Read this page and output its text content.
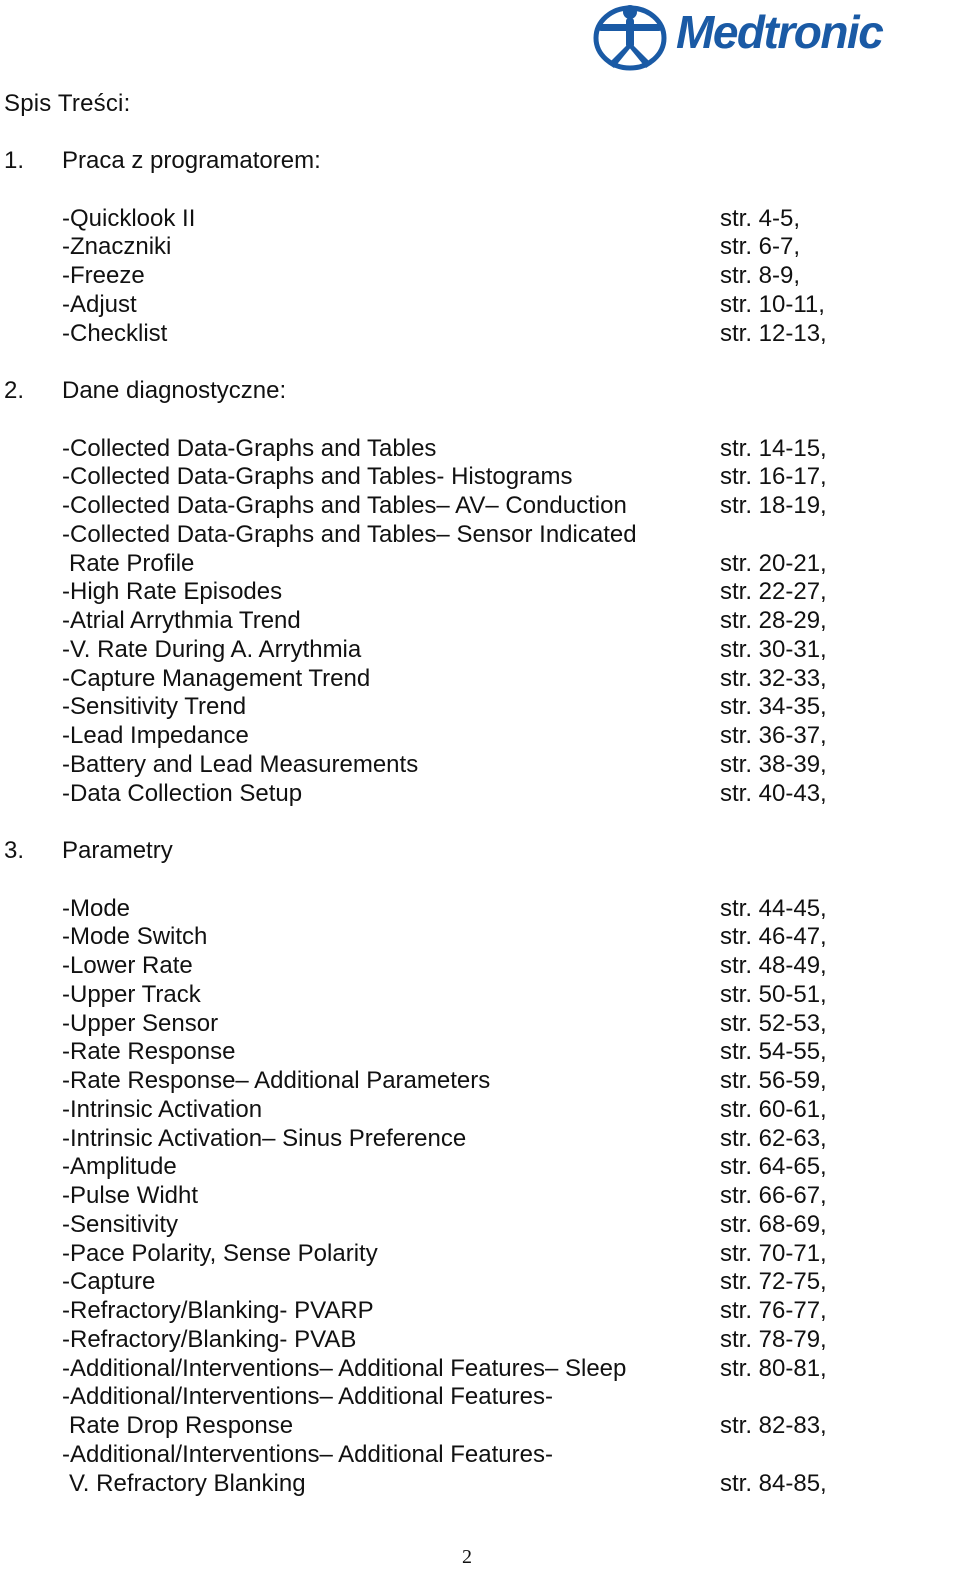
Medtronic
Spis Treści:
1. Praca z programatorem:
-Quicklook II	str. 4-5,
-Znaczniki	str. 6-7,
-Freeze	str. 8-9,
-Adjust	str. 10-11,
-Checklist	str. 12-13,
2. Dane diagnostyczne:
-Collected Data-Graphs and Tables	str. 14-15,
-Collected Data-Graphs and Tables- Histograms	str. 16-17,
-Collected Data-Graphs and Tables– AV– Conduction	str. 18-19,
-Collected Data-Graphs and Tables– Sensor Indicated
Rate Profile	str. 20-21,
-High Rate Episodes	str. 22-27,
-Atrial Arrythmia Trend	str. 28-29,
-V. Rate During A. Arrythmia	str. 30-31,
-Capture Management Trend	str. 32-33,
-Sensitivity Trend	str. 34-35,
-Lead Impedance	str. 36-37,
-Battery and Lead Measurements	str. 38-39,
-Data Collection Setup	str. 40-43,
3. Parametry
-Mode	str. 44-45,
-Mode Switch	str. 46-47,
-Lower Rate	str. 48-49,
-Upper Track	str. 50-51,
-Upper Sensor	str. 52-53,
-Rate Response	str. 54-55,
-Rate Response– Additional Parameters	str. 56-59,
-Intrinsic Activation	str. 60-61,
-Intrinsic Activation– Sinus Preference	str. 62-63,
-Amplitude	str. 64-65,
-Pulse Widht	str. 66-67,
-Sensitivity	str. 68-69,
-Pace Polarity, Sense Polarity	str. 70-71,
-Capture	str. 72-75,
-Refractory/Blanking- PVARP	str. 76-77,
-Refractory/Blanking- PVAB	str. 78-79,
-Additional/Interventions– Additional Features– Sleep	str. 80-81,
-Additional/Interventions– Additional Features-
Rate Drop Response	str. 82-83,
-Additional/Interventions– Additional Features-
V. Refractory Blanking	str. 84-85,
2
